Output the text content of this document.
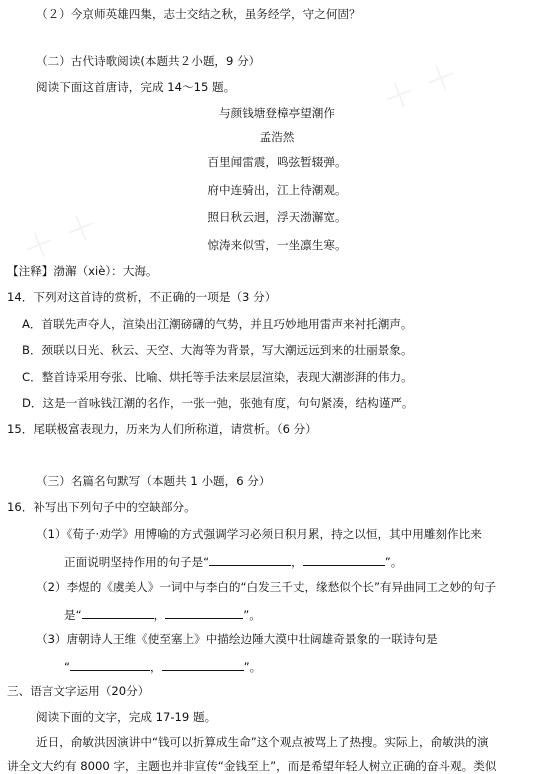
＋ ＋
＋ ＋
（２）今京师英雄四集，志士交结之秋，虽务经学，守之何固？
（二）古代诗歌阅读(本题共２小题，9 分）
阅读下面这首唐诗，完成 14～15 题。
与颜钱塘登樟亭望潮作
孟浩然
百里闻雷震，鸣弦暂辍弹。
府中连骑出，江上待潮观。
照日秋云迥，浮天渤澥宽。
惊涛来似雪，一坐凛生寒。
【注释】渤澥（xiè）：大海。
14．下列对这首诗的赏析，不正确的一项是（3 分）
A．首联先声夺人，渲染出江潮磅礴的气势，并且巧妙地用雷声来衬托潮声。
B．颈联以日光、秋云、天空、大海等为背景，写大潮远远到来的壮丽景象。
C．整首诗采用夸张、比喻、烘托等手法来层层渲染，表现大潮澎湃的伟力。
D．这是一首咏钱江潮的名作，一张一弛，张弛有度，句句紧凑，结构谨严。
15．尾联极富表现力，历来为人们所称道，请赏析。（6 分）
（三）名篇名句默写（本题共 1 小题，6 分）
16．补写出下列句子中的空缺部分。
（1）《荀子·劝学》用博喻的方式强调学习必须日积月累，持之以恒，其中用雕刻作比来
正面说明坚持作用的句子是“	，	”。
（2）李煜的《虞美人》一词中与李白的“白发三千丈，缘愁似个长”有异曲同工之妙的句子
是“	，	”。
（3）唐朝诗人王维《使至塞上》中描绘边陲大漠中壮阔雄奇景象的一联诗句是
“	，	”。
三、语言文字运用（20分）
阅读下面的文字，完成 17-19 题。
近日，俞敏洪因演讲中“钱可以折算成生命”这个观点被骂上了热搜。实际上，俞敏洪的演
讲全文大约有 8000 字，主题也并非宣传“金钱至上”，而是希望年轻人树立正确的奋斗观。类似
